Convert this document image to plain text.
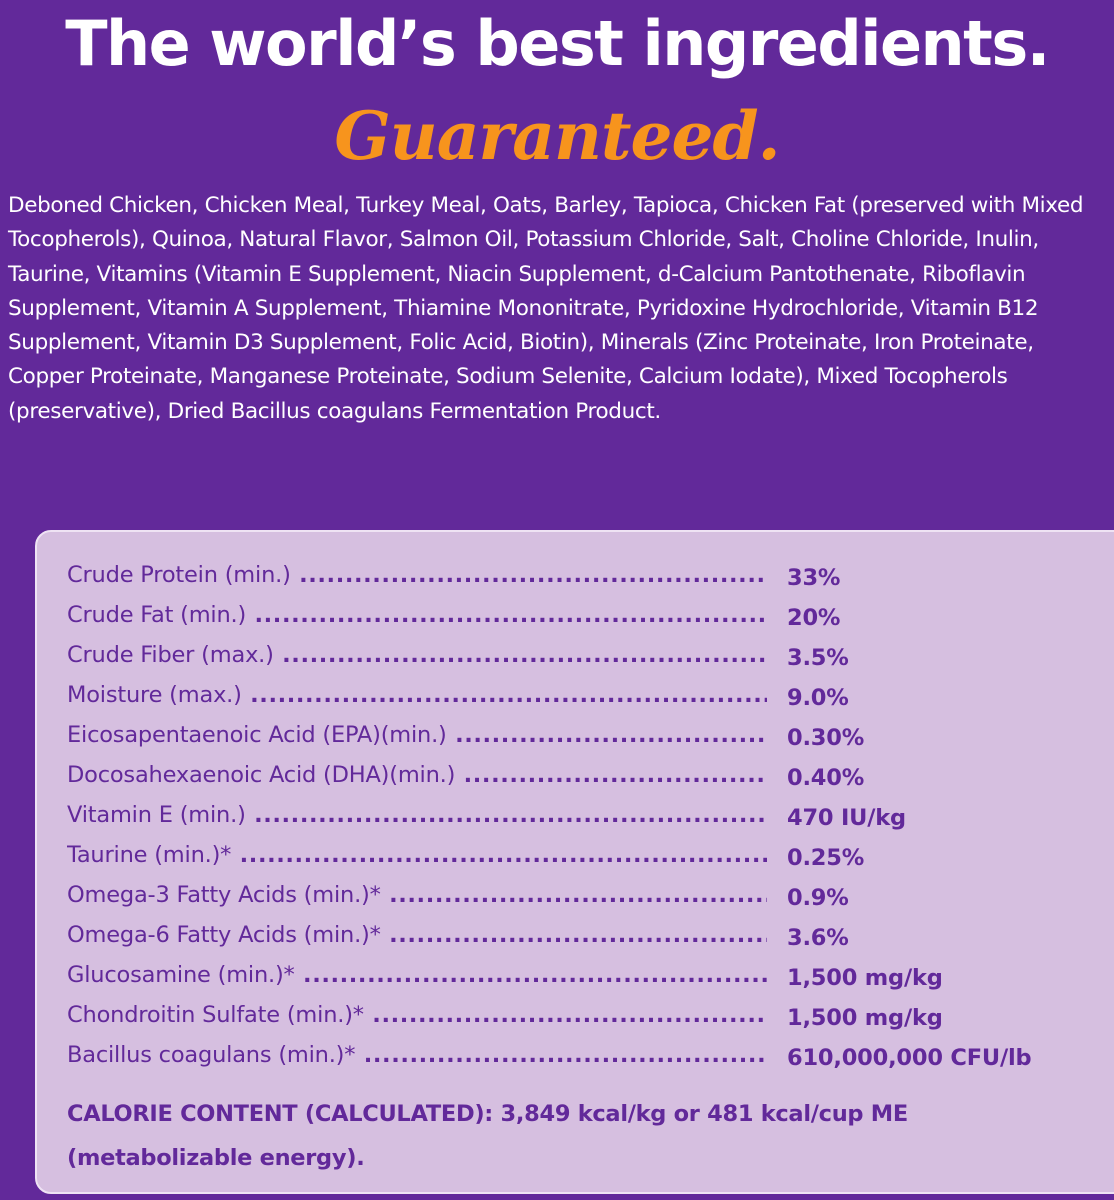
The world’s best ingredients.
Guaranteed.

Deboned Chicken, Chicken Meal, Turkey Meal, Oats, Barley, Tapioca, Chicken Fat (preserved with Mixed Tocopherols), Quinoa, Natural Flavor, Salmon Oil, Potassium Chloride, Salt, Choline Chloride, Inulin, Taurine, Vitamins (Vitamin E Supplement, Niacin Supplement, d-Calcium Pantothenate, Riboflavin Supplement, Vitamin A Supplement, Thiamine Mononitrate, Pyridoxine Hydrochloride, Vitamin B12 Supplement, Vitamin D3 Supplement, Folic Acid, Biotin), Minerals (Zinc Proteinate, Iron Proteinate, Copper Proteinate, Manganese Proteinate, Sodium Selenite, Calcium Iodate), Mixed Tocopherols (preservative), Dried Bacillus coagulans Fermentation Product.

Crude Protein (min.) .....	33%
Crude Fat (min.) .....	20%
Crude Fiber (max.) .....	3.5%
Moisture (max.) .....	9.0%
Eicosapentaenoic Acid (EPA)(min.) .....	0.30%
Docosahexaenoic Acid (DHA)(min.) .....	0.40%
Vitamin E (min.) .....	470 IU/kg
Taurine (min.)* .....	0.25%
Omega-3 Fatty Acids (min.)* .....	0.9%
Omega-6 Fatty Acids (min.)* .....	3.6%
Glucosamine (min.)* .....	1,500 mg/kg
Chondroitin Sulfate (min.)* .....	1,500 mg/kg
Bacillus coagulans (min.)* .....	610,000,000 CFU/lb

CALORIE CONTENT (CALCULATED): 3,849 kcal/kg or 481 kcal/cup ME (metabolizable energy).
